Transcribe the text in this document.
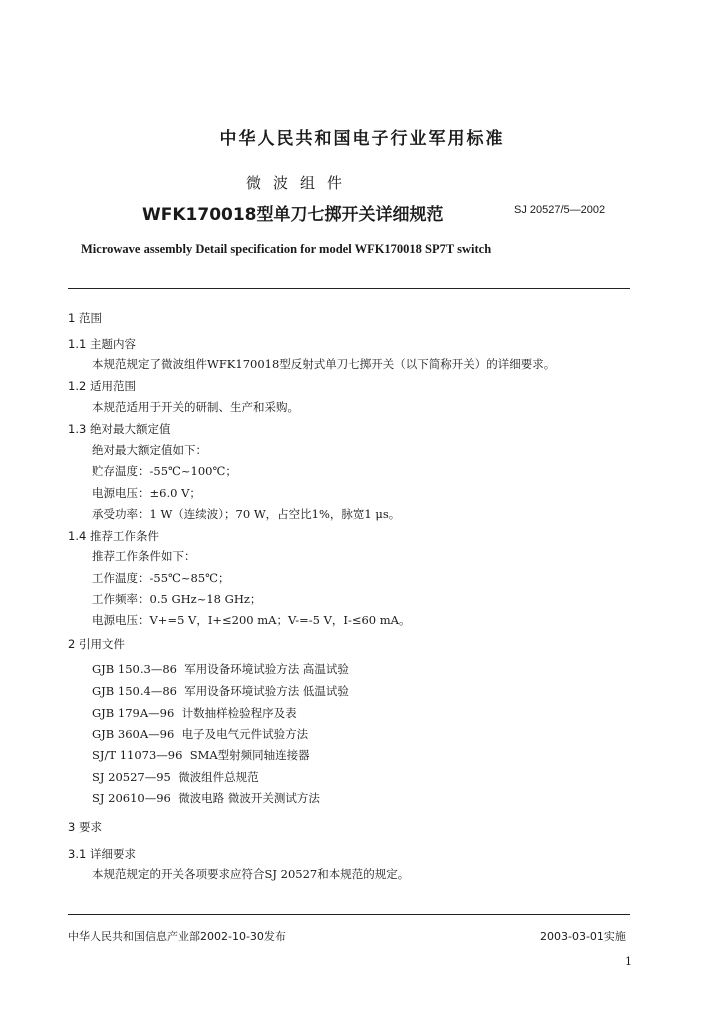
中华人民共和国电子行业军用标准
微波组件
WFK170018型单刀七掷开关详细规范	SJ 20527/5—2002
Microwave assembly Detail specification for model WFK170018 SP7T switch
1 范围
1.1 主题内容
本规范规定了微波组件WFK170018型反射式单刀七掷开关（以下简称开关）的详细要求。
1.2 适用范围
本规范适用于开关的研制、生产和采购。
1.3 绝对最大额定值
绝对最大额定值如下：
贮存温度：-55℃~100℃；
电源电压：±6.0 V；
承受功率：1 W（连续波）；70 W，占空比1%，脉宽1 μs。
1.4 推荐工作条件
推荐工作条件如下：
工作温度：-55℃~85℃；
工作频率：0.5 GHz~18 GHz；
电源电压：V+=5 V，I+≤200 mA；V-=-5 V，I-≤60 mA。
2 引用文件
GJB 150.3—86 军用设备环境试验方法 高温试验
GJB 150.4—86 军用设备环境试验方法 低温试验
GJB 179A—96 计数抽样检验程序及表
GJB 360A—96 电子及电气元件试验方法
SJ/T 11073—96 SMA型射频同轴连接器
SJ 20527—95 微波组件总规范
SJ 20610—96 微波电路 微波开关测试方法
3 要求
3.1 详细要求
本规范规定的开关各项要求应符合SJ 20527和本规范的规定。
中华人民共和国信息产业部2002-10-30发布	2003-03-01实施
1
